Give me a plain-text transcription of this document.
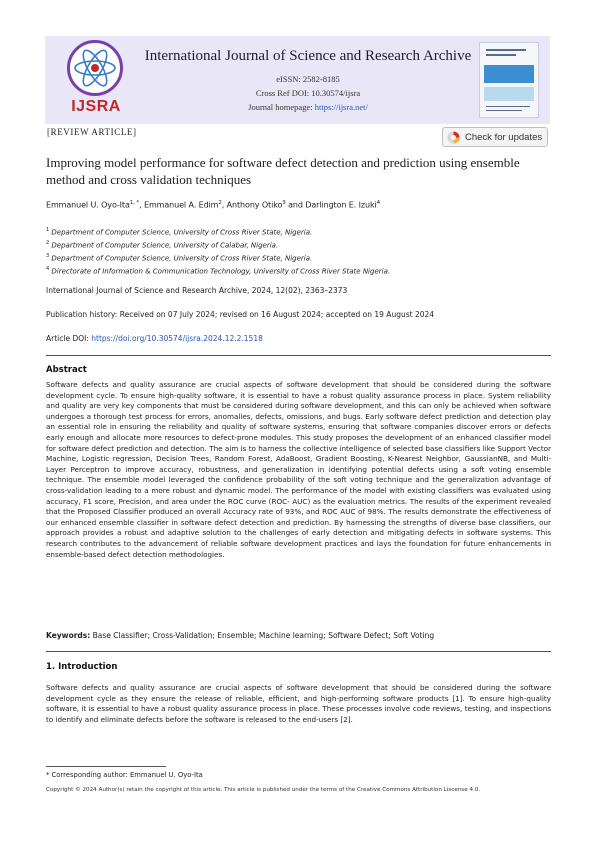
IJSRA
International Journal of Science and Research Archive
eISSN: 2582-8185
Cross Ref DOI: 10.30574/ijsra
Journal homepage: https://ijsra.net/
[REVIEW ARTICLE]	Check for updates
Improving model performance for software defect detection and prediction using ensemble method and cross validation techniques
Emmanuel U. Oyo-Ita$^{1, *}$, Emmanuel A. Edim$^2$, Anthony Otiko$^3$ and Darlington E. Izuki$^4$
$^1$ Department of Computer Science, University of Cross River State, Nigeria.
$^2$ Department of Computer Science, University of Calabar, Nigeria.
$^3$ Department of Computer Science, University of Cross River State, Nigeria.
$^4$ Directorate of Information & Communication Technology, University of Cross River State Nigeria.
International Journal of Science and Research Archive, 2024, 12(02), 2363–2373
Publication history: Received on 07 July 2024; revised on 16 August 2024; accepted on 19 August 2024
Article DOI: https://doi.org/10.30574/ijsra.2024.12.2.1518
Abstract
Software defects and quality assurance are crucial aspects of software development that should be considered during the software development cycle. To ensure high-quality software, it is essential to have a robust quality assurance process in place. System reliability and quality are very key components that must be considered during software development, and this can only be achieved when software undergoes a thorough test process for errors, anomalies, defects, omissions, and bugs. Early software defect prediction and detection play an essential role in ensuring the reliability and quality of software systems, ensuring that software companies discover errors or defects early enough and allocate more resources to defect-prone modules. This study proposes the development of an enhanced classifier model for software defect prediction and detection. The aim is to harness the collective intelligence of selected base classifiers like Support Vector Machine, Logistic regression, Decision Trees, Random Forest, AdaBoost, Gradient Boosting, K-Nearest Neighbor, GaussianNB, and Multi-Layer Perceptron to improve accuracy, robustness, and generalization in identifying potential defects using a soft voting ensemble technique. The ensemble model leveraged the confidence probability of the soft voting technique and the generalization advantage of cross-validation leading to a more robust and dynamic model. The performance of the model with existing classifiers was evaluated using accuracy, F1 score, Precision, and area under the ROC curve (ROC- AUC) as the evaluation metrics. The results of the experiment revealed that the Proposed Classifier produced an overall Accuracy rate of 93%, and ROC AUC of 98%. The results demonstrate the effectiveness of our enhanced ensemble classifier in software defect detection and prediction. By harnessing the strengths of diverse base classifiers, our approach provides a robust and adaptive solution to the challenges of early detection and mitigating defects in software systems. This research contributes to the advancement of reliable software development practices and lays the foundation for future enhancements in ensemble-based defect detection methodologies.
Keywords: Base Classifier; Cross-Validation; Ensemble; Machine learning; Software Defect; Soft Voting
1. Introduction
Software defects and quality assurance are crucial aspects of software development that should be considered during the software development cycle as they ensure the release of reliable, efficient, and high-performing software products [1]. To ensure high-quality software, it is essential to have a robust quality assurance process in place. These processes involve code reviews, testing, and inspections to identify and eliminate defects before the software is released to the end-users [2].
* Corresponding author: Emmanuel U. Oyo-Ita
Copyright © 2024 Author(s) retain the copyright of this article. This article is published under the terms of the Creative Commons Attribution Liscense 4.0.
